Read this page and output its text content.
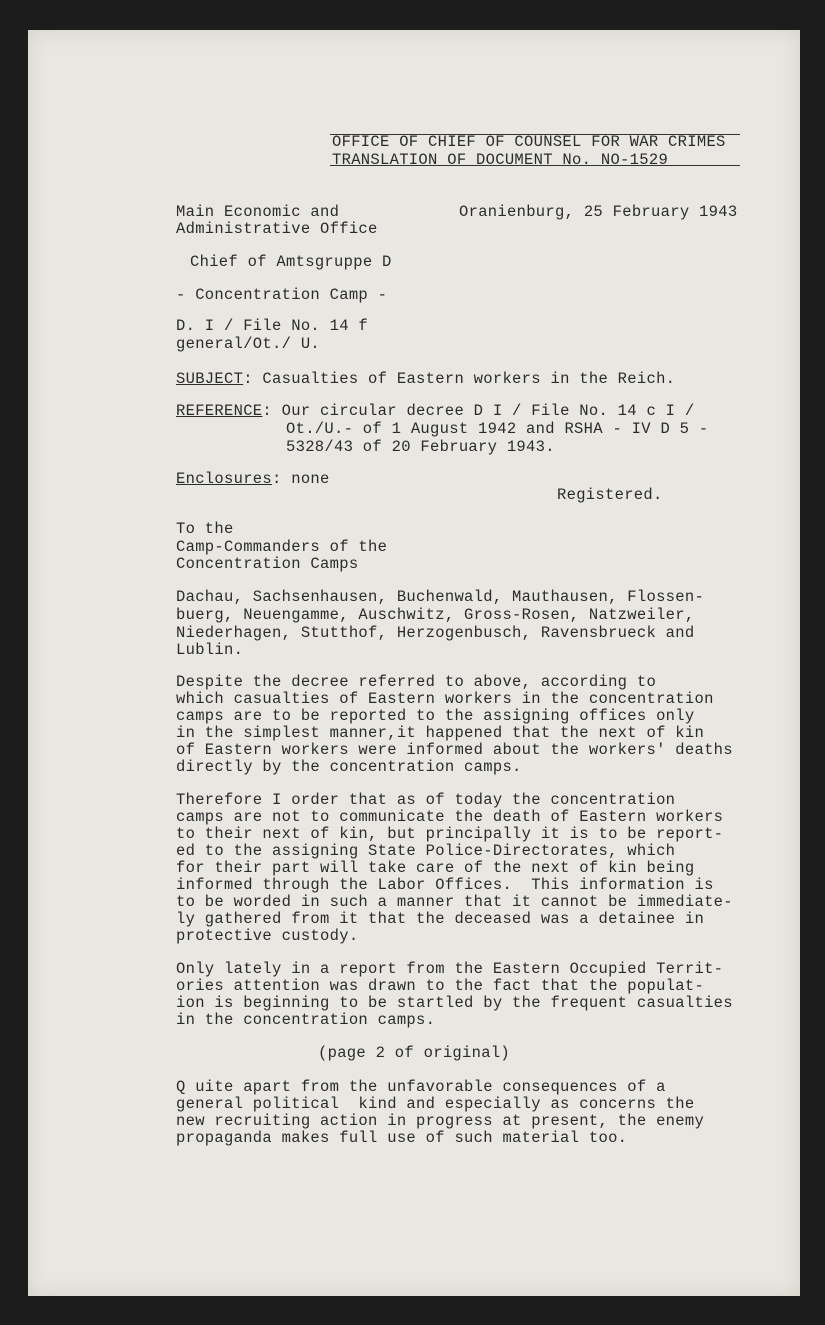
OFFICE OF CHIEF OF COUNSEL FOR WAR CRIMES
TRANSLATION OF DOCUMENT No. NO-1529
Main Economic and
Administrative Office
Oranienburg, 25 February 1943
Chief of Amtsgruppe D
- Concentration Camp -
D. I / File No. 14 f
general/Ot./ U.
SUBJECT: Casualties of Eastern workers in the Reich.
REFERENCE: Our circular decree D I / File No. 14 c I /
Ot./U.- of 1 August 1942 and RSHA - IV D 5 -
5328/43 of 20 February 1943.
Enclosures: none
Registered.
To the
Camp-Commanders of the
Concentration Camps
Dachau, Sachsenhausen, Buchenwald, Mauthausen, Flossen-
buerg, Neuengamme, Auschwitz, Gross-Rosen, Natzweiler,
Niederhagen, Stutthof, Herzogenbusch, Ravensbrueck and
Lublin.
Despite the decree referred to above, according to
which casualties of Eastern workers in the concentration
camps are to be reported to the assigning offices only
in the simplest manner,it happened that the next of kin
of Eastern workers were informed about the workers' deaths
directly by the concentration camps.
Therefore I order that as of today the concentration
camps are not to communicate the death of Eastern workers
to their next of kin, but principally it is to be report-
ed to the assigning State Police-Directorates, which
for their part will take care of the next of kin being
informed through the Labor Offices.  This information is
to be worded in such a manner that it cannot be immediate-
ly gathered from it that the deceased was a detainee in
protective custody.
Only lately in a report from the Eastern Occupied Territ-
ories attention was drawn to the fact that the populat-
ion is beginning to be startled by the frequent casualties
in the concentration camps.
(page 2 of original)
Q uite apart from the unfavorable consequences of a
general political  kind and especially as concerns the
new recruiting action in progress at present, the enemy
propaganda makes full use of such material too.
